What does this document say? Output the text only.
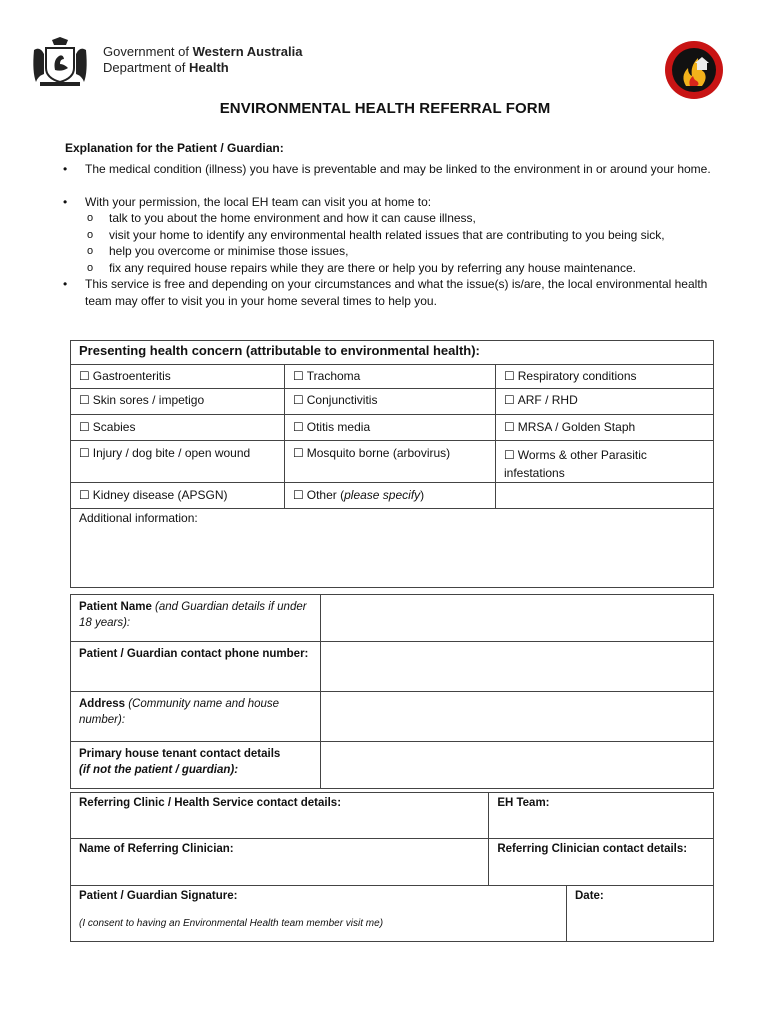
Government of Western Australia
Department of Health
ENVIRONMENTAL HEALTH REFERRAL FORM
Explanation for the Patient / Guardian:
• The medical condition (illness) you have is preventable and may be linked to the environment in or around your home.
• With your permission, the local EH team can visit you at home to:
o talk to you about the home environment and how it can cause illness,
o visit your home to identify any environmental health related issues that are contributing to you being sick,
o help you overcome or minimise those issues,
o fix any required house repairs while they are there or help you by referring any house maintenance.
• This service is free and depending on your circumstances and what the issue(s) is/are, the local environmental health team may offer to visit you in your home several times to help you.
Presenting health concern (attributable to environmental health):		
☐ Gastroenteritis	☐ Trachoma	☐ Respiratory conditions
☐ Skin sores / impetigo	☐ Conjunctivitis	☐ ARF / RHD
☐ Scabies	☐ Otitis media	☐ MRSA / Golden Staph
☐ Injury / dog bite / open wound	☐ Mosquito borne (arbovirus)	☐ Worms & other Parasitic infestations
☐ Kidney disease (APSGN)	☐ Other (please specify)	
Additional information:		
Patient Name (and Guardian details if under 18 years):	
Patient / Guardian contact phone number:	
Address (Community name and house number):	
Primary house tenant contact details
(if not the patient / guardian):	
Referring Clinic / Health Service contact details:	EH Team:	
Name of Referring Clinician:	Referring Clinician contact details:	
Patient / Guardian Signature:
(I consent to having an Environmental Health team member visit me)		Date:
